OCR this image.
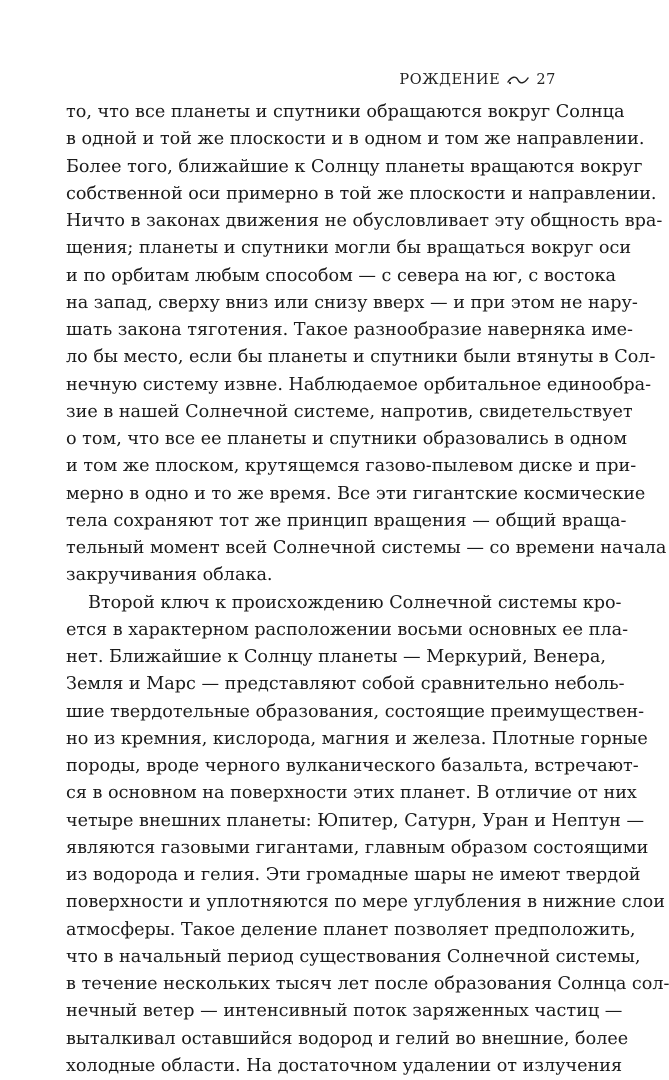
РОЖДЕНИЕ 27
то, что все планеты и спутники обращаются вокруг Солнца
в одной и той же плоскости и в одном и том же направлении.
Более того, ближайшие к Солнцу планеты вращаются вокруг
собственной оси примерно в той же плоскости и направлении.
Ничто в законах движения не обусловливает эту общность вра-
щения; планеты и спутники могли бы вращаться вокруг оси
и по орбитам любым способом — с севера на юг, с востока
на запад, сверху вниз или снизу вверх — и при этом не нару-
шать закона тяготения. Такое разнообразие наверняка име-
ло бы место, если бы планеты и спутники были втянуты в Сол-
нечную систему извне. Наблюдаемое орбитальное единообра-
зие в нашей Солнечной системе, напротив, свидетельствует
о том, что все ее планеты и спутники образовались в одном
и том же плоском, крутящемся газово-пылевом диске и при-
мерно в одно и то же время. Все эти гигантские космические
тела сохраняют тот же принцип вращения — общий враща-
тельный момент всей Солнечной системы — со времени начала
закручивания облака.
Второй ключ к происхождению Солнечной системы кро-
ется в характерном расположении восьми основных ее пла-
нет. Ближайшие к Солнцу планеты — Меркурий, Венера,
Земля и Марс — представляют собой сравнительно неболь-
шие твердотельные образования, состоящие преимуществен-
но из кремния, кислорода, магния и железа. Плотные горные
породы, вроде черного вулканического базальта, встречают-
ся в основном на поверхности этих планет. В отличие от них
четыре внешних планеты: Юпитер, Сатурн, Уран и Нептун —
являются газовыми гигантами, главным образом состоящими
из водорода и гелия. Эти громадные шары не имеют твердой
поверхности и уплотняются по мере углубления в нижние слои
атмосферы. Такое деление планет позволяет предположить,
что в начальный период существования Солнечной системы,
в течение нескольких тысяч лет после образования Солнца сол-
нечный ветер — интенсивный поток заряженных частиц —
выталкивал оставшийся водород и гелий во внешние, более
холодные области. На достаточном удалении от излучения
